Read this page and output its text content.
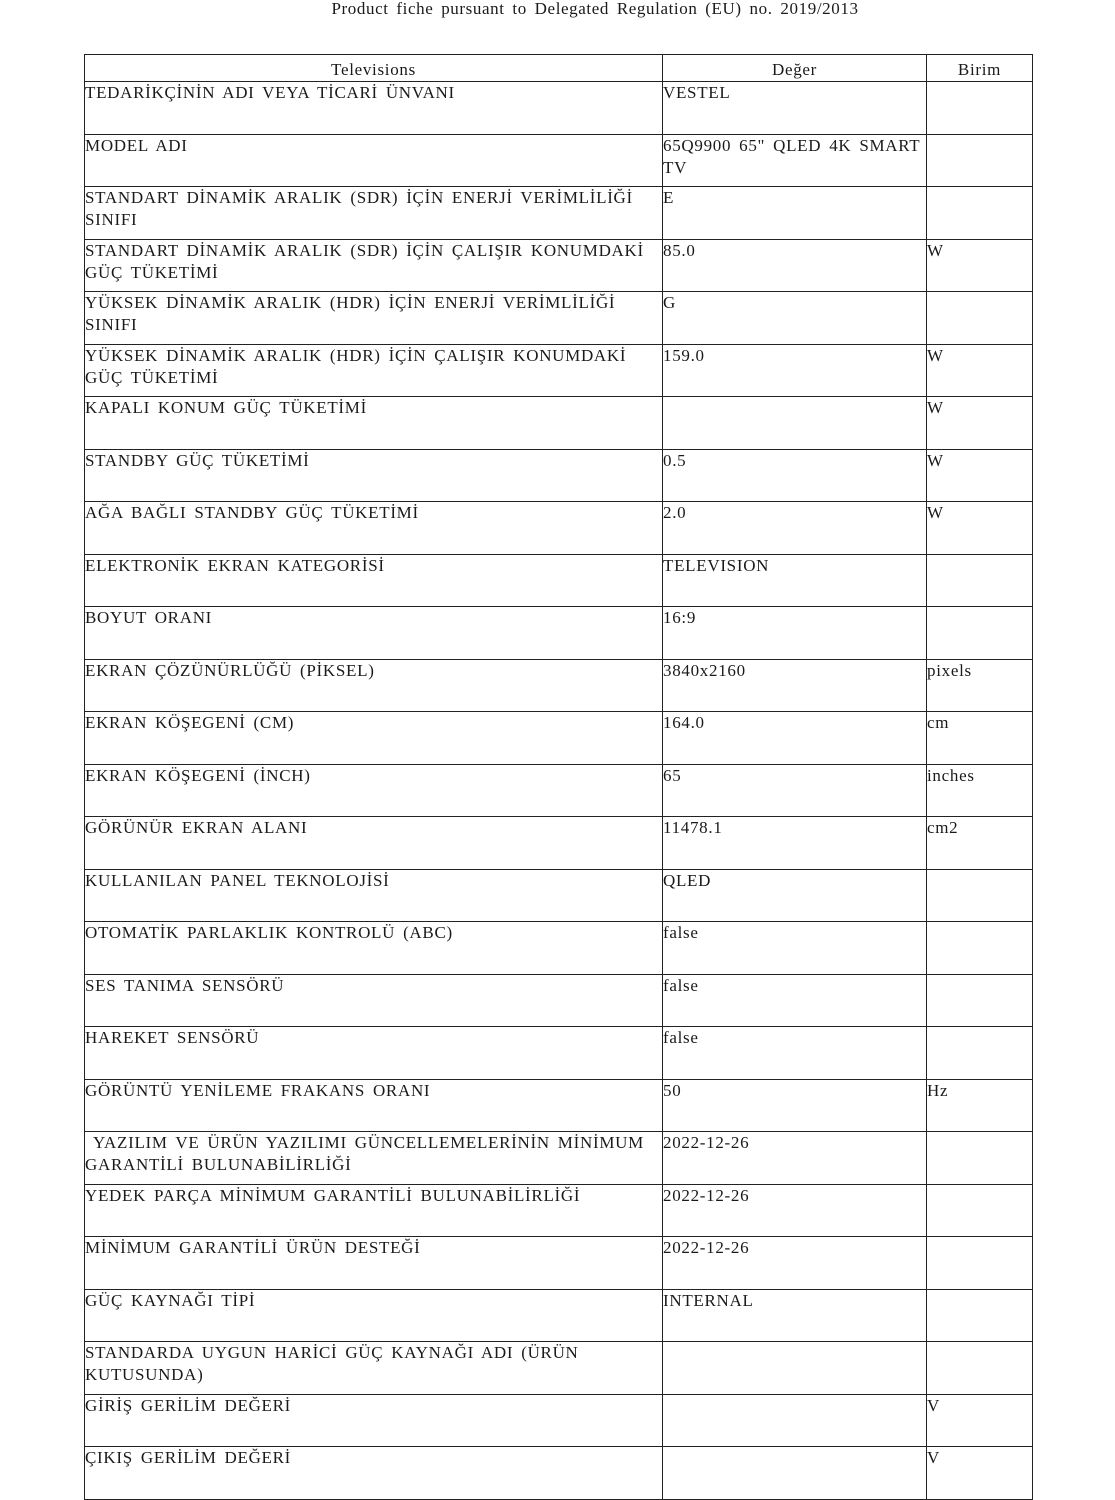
Product fiche pursuant to Delegated Regulation (EU) no. 2019/2013
Televisions	Değer	Birim
TEDARİKÇİNİN ADI VEYA TİCARİ ÜNVANI	VESTEL	
MODEL ADI	65Q9900 65" QLED 4K SMART TV	
STANDART DİNAMİK ARALIK (SDR) İÇİN ENERJİ VERİMLİLİĞİ SINIFI	E	
STANDART DİNAMİK ARALIK (SDR) İÇİN ÇALIŞIR KONUMDAKİ GÜÇ TÜKETİMİ	85.0	W
YÜKSEK DİNAMİK ARALIK (HDR) İÇİN ENERJİ VERİMLİLİĞİ SINIFI	G	
YÜKSEK DİNAMİK ARALIK (HDR) İÇİN ÇALIŞIR KONUMDAKİ GÜÇ TÜKETİMİ	159.0	W
KAPALI KONUM GÜÇ TÜKETİMİ		W
STANDBY GÜÇ TÜKETİMİ	0.5	W
AĞA BAĞLI STANDBY GÜÇ TÜKETİMİ	2.0	W
ELEKTRONİK EKRAN KATEGORİSİ	TELEVISION	
BOYUT ORANI	16:9	
EKRAN ÇÖZÜNÜRLÜĞÜ (PİKSEL)	3840x2160	pixels
EKRAN KÖŞEGENİ (CM)	164.0	cm
EKRAN KÖŞEGENİ (İNCH)	65	inches
GÖRÜNÜR EKRAN ALANI	11478.1	cm2
KULLANILAN PANEL TEKNOLOJİSİ	QLED	
OTOMATİK PARLAKLIK KONTROLÜ (ABC)	false	
SES TANIMA SENSÖRÜ	false	
HAREKET SENSÖRÜ	false	
GÖRÜNTÜ YENİLEME FRAKANS ORANI	50	Hz
YAZILIM VE ÜRÜN YAZILIMI GÜNCELLEMELERİNİN MİNİMUM GARANTİLİ BULUNABİLİRLİĞİ	2022-12-26	
YEDEK PARÇA MİNİMUM GARANTİLİ BULUNABİLİRLİĞİ	2022-12-26	
MİNİMUM GARANTİLİ ÜRÜN DESTEĞİ	2022-12-26	
GÜÇ KAYNAĞI TİPİ	INTERNAL	
STANDARDA UYGUN HARİCİ GÜÇ KAYNAĞI ADI (ÜRÜN KUTUSUNDA)		
GİRİŞ GERİLİM DEĞERİ		V
ÇIKIŞ GERİLİM DEĞERİ		V
